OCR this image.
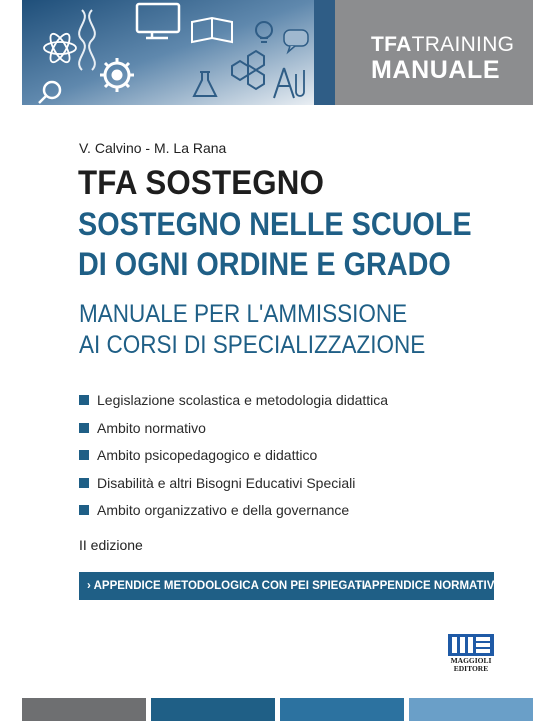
TFATRAINING
MANUALE
V. Calvino - M. La Rana
TFA SOSTEGNO
SOSTEGNO NELLE SCUOLE
DI OGNI ORDINE E GRADO
MANUALE PER L'AMMISSIONE
AI CORSI DI SPECIALIZZAZIONE
Legislazione scolastica e metodologia didattica
Ambito normativo
Ambito psicopedagogico e didattico
Disabilità e altri Bisogni Educativi Speciali
Ambito organizzativo e della governance
II edizione
› APPENDICE METODOLOGICA CON PEI SPIEGATI
› APPENDICE NORMATIVA
MAGGIOLI
EDITORE
